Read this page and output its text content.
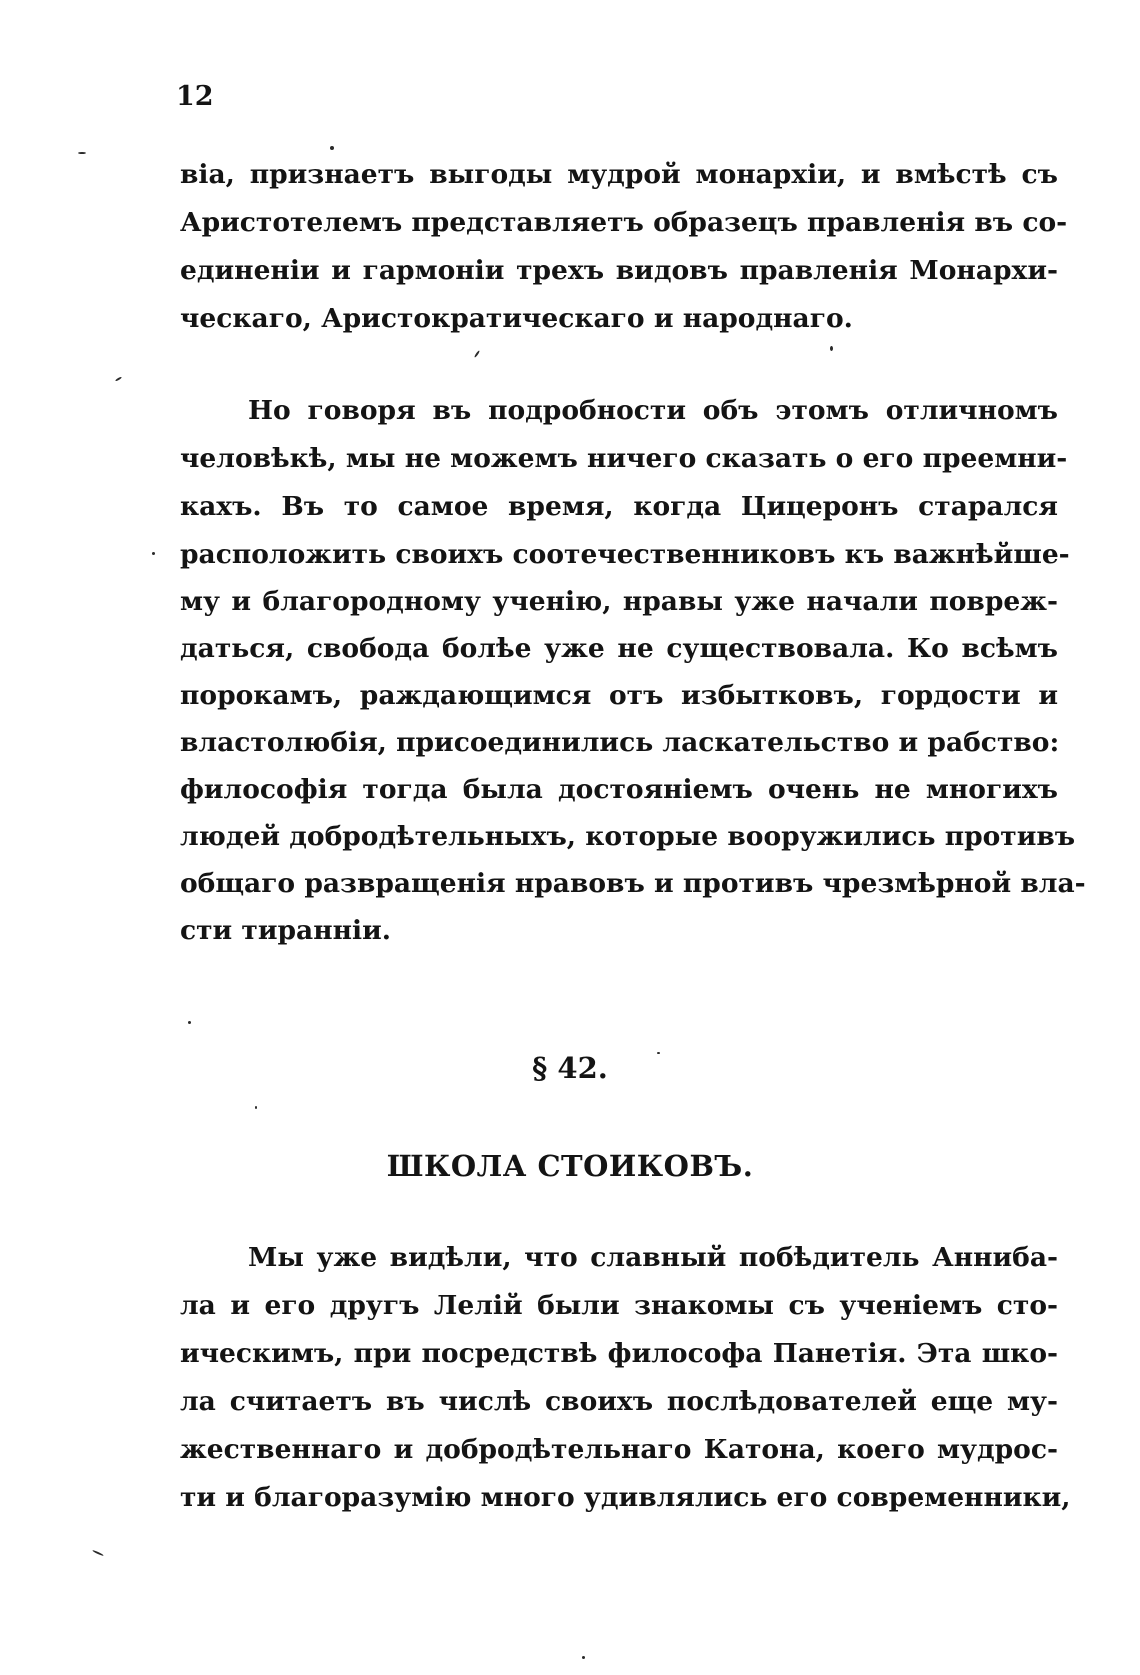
12
віа, признаетъ выгоды мудрой монархіи, и вмѣстѣ съ
Аристотелемъ представляетъ образецъ правленія въ со-
единеніи и гармоніи трехъ видовъ правленія Монархи-
ческаго, Аристократическаго и народнаго.
Но говоря въ подробности объ этомъ отличномъ
человѣкѣ, мы не можемъ ничего сказать о его преемни-
кахъ. Въ то самое время, когда Цицеронъ старался
расположить своихъ соотечественниковъ къ важнѣйше-
му и благородному ученію, нравы уже начали повреж-
даться, свобода болѣе уже не существовала. Ко всѣмъ
порокамъ, раждающимся отъ избытковъ, гордости и
властолюбія, присоединились ласкательство и рабство:
философія тогда была достояніемъ очень не многихъ
людей добродѣтельныхъ, которые вооружились противъ
общаго развращенія нравовъ и противъ чрезмѣрной вла-
сти тиранніи.
§ 42.
ШКОЛА СТОИКОВЪ.
Мы уже видѣли, что славный побѣдитель Аннибa-
ла и его другъ Лелій были знакомы съ ученіемъ сто-
ическимъ, при посредствѣ философа Панетія. Эта шко-
ла считаетъ въ числѣ своихъ послѣдователей еще му-
жественнаго и добродѣтельнаго Катона, коего мудрос-
ти и благоразумію много удивлялись его современники,
